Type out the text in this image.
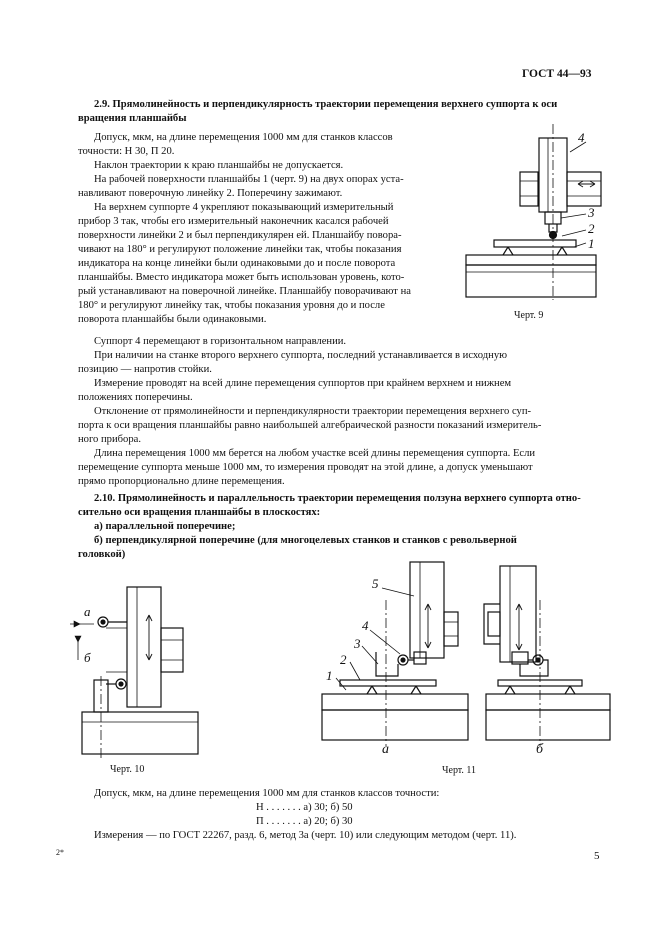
ГОСТ 44—93
2.9. Прямолинейность и перпендикулярность траектории перемещения верхнего суппорта к оси
вращения планшайбы
Допуск, мкм, на длине перемещения 1000 мм для станков классов
точности: Н 30, П 20.
Наклон траектории к краю планшайбы не допускается.
На рабочей поверхности планшайбы 1 (черт. 9) на двух опорах уста-
навливают поверочную линейку 2. Поперечину зажимают.
На верхнем суппорте 4 укрепляют показывающий измерительный
прибор 3 так, чтобы его измерительный наконечник касался рабочей
поверхности линейки 2 и был перпендикулярен ей. Планшайбу повора-
чивают на 180° и регулируют положение линейки так, чтобы показания
индикатора на конце линейки были одинаковыми до и после поворота
планшайбы. Вместо индикатора может быть использован уровень, кото-
рый устанавливают на поверочной линейке. Планшайбу поворачивают на
180° и регулируют линейку так, чтобы показания уровня до и после
поворота планшайбы были одинаковыми.
Суппорт 4 перемещают в горизонтальном направлении.
При наличии на станке второго верхнего суппорта, последний устанавливается в исходную
позицию — напротив стойки.
Измерение проводят на всей длине перемещения суппортов при крайнем верхнем и нижнем
положениях поперечины.
Отклонение от прямолинейности и перпендикулярности траектории перемещения верхнего суп-
порта к оси вращения планшайбы равно наибольшей алгебраической разности показаний измеритель-
ного прибора.
Длина перемещения 1000 мм берется на любом участке всей длины перемещения суппорта. Если
перемещение суппорта меньше 1000 мм, то измерения проводят на этой длине, а допуск уменьшают
прямо пропорционально длине перемещения.
2.10. Прямолинейность и параллельность траектории перемещения ползуна верхнего суппорта отно-
сительно оси вращения планшайбы в плоскостях:
а) параллельной поперечине;
б) перпендикулярной поперечине (для многоцелевых станков и станков с револьверной
головкой)
4
3
2
1
Черт. 9
а
б
Черт. 10
5
4
3
2
1
а	б
Черт. 11
Допуск, мкм, на длине перемещения 1000 мм для станков классов точности:
Н . . . . . . . а) 30; б) 50
П . . . . . . . а) 20; б) 30
Измерения — по ГОСТ 22267, разд. 6, метод 3а (черт. 10) или следующим методом (черт. 11).
2*	5
